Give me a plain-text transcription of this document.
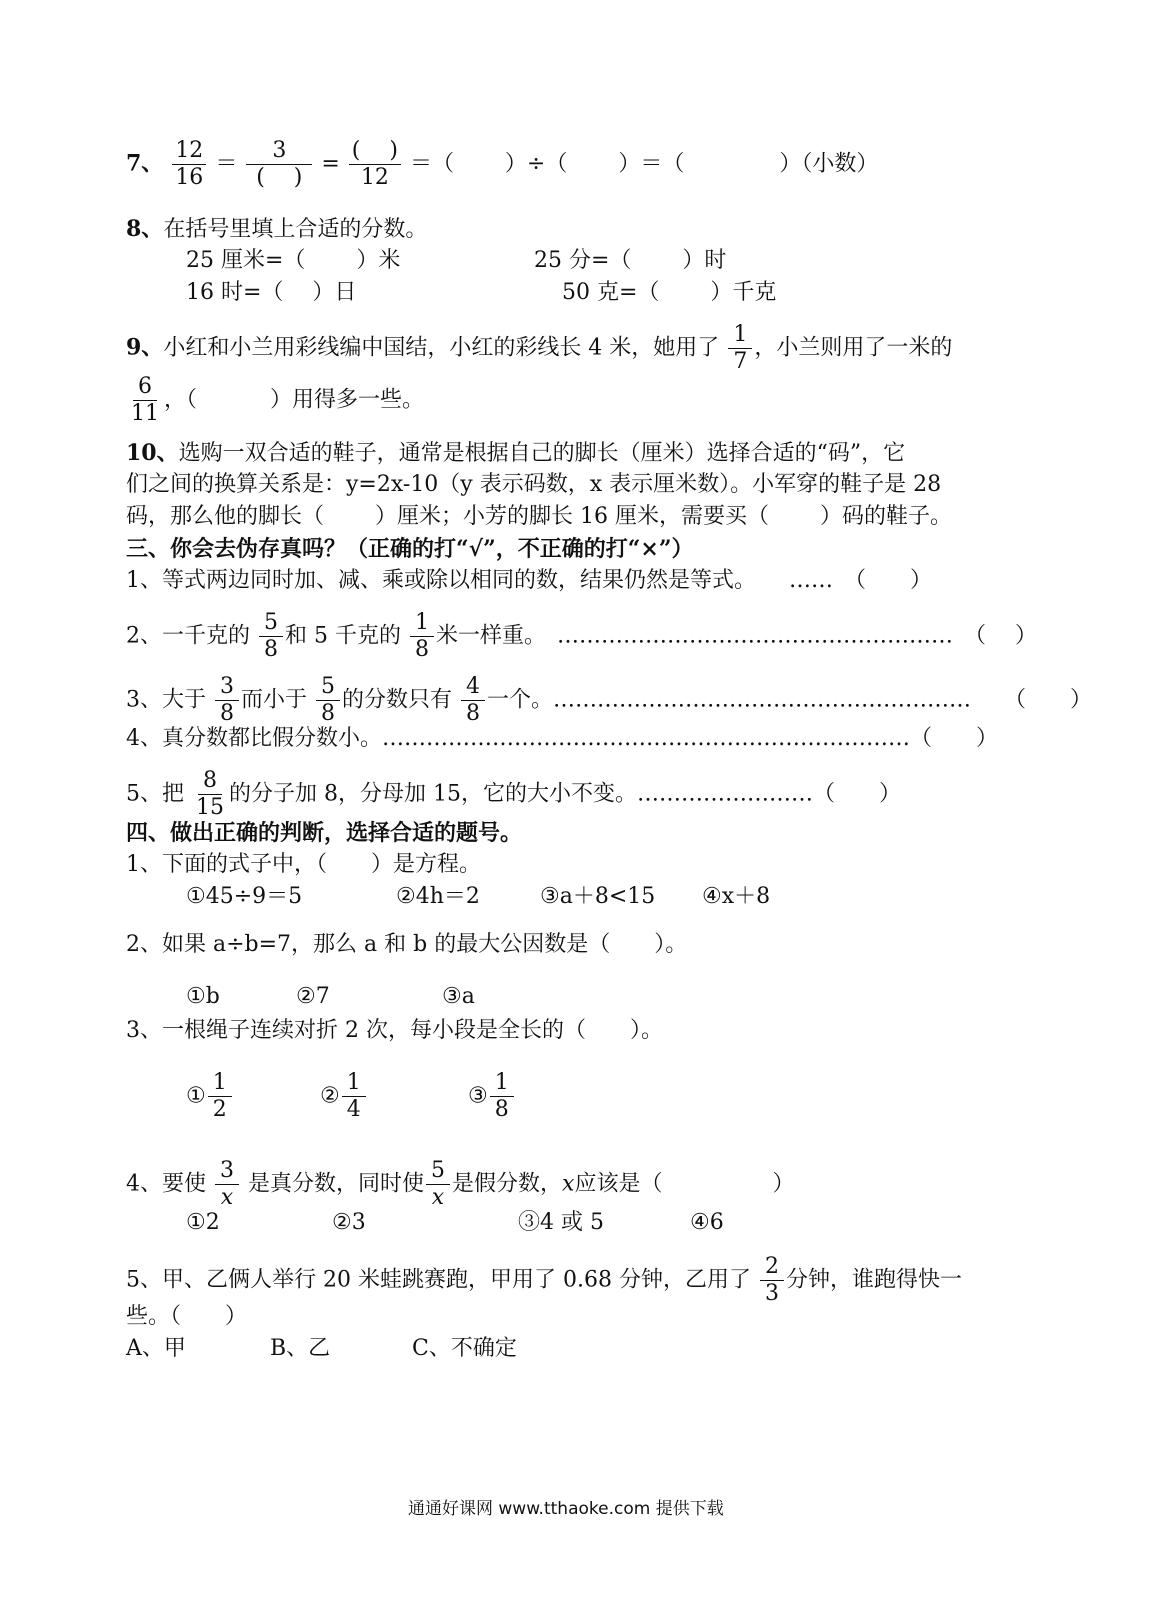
7、 $\frac{12}{16} = \frac{3}{( )} = \frac{( )}{12}$ ＝（　　 ）÷（　　 ）＝（　　　　 ）（小数）
8、在括号里填上合适的分数。
25 厘米=（　　 ）米	25 分=（　　 ）时
16 时=（　 ）日	50 克=（　　 ）千克
9、小红和小兰用彩线编中国结，小红的彩线长 4 米，她用了 $\frac{1}{7}$ ，小兰则用了一米的
$\frac{6}{11}$ ，（　　　 ）用得多一些。
10、选购一双合适的鞋子，通常是根据自己的脚长（厘米）选择合适的“码”，它
们之间的换算关系是：y=2x-10（y 表示码数，x 表示厘米数）。小军穿的鞋子是 28
码，那么他的脚长（　　 ）厘米；小芳的脚长 16 厘米，需要买（　　 ）码的鞋子。
三、你会去伪存真吗？（正确的打“√”，不正确的打“×”）
1、等式两边同时加、减、乘或除以相同的数，结果仍然是等式。　　……　（　　）
2、一千克的 $\frac{5}{8}$ 和 5 千克的 $\frac{1}{8}$ 米一样重。　………………………………………………　（　 ）
3、大于 $\frac{3}{8}$ 而小于 $\frac{5}{8}$ 的分数只有 $\frac{4}{8}$ 一个。…………………………………………………　　（　　）
4、真分数都比假分数小。………………………………………………………………（　　）
5、把 $\frac{8}{15}$ 的分子加 8，分母加 15，它的大小不变。……………………（　　）
四、做出正确的判断，选择合适的题号。
1、下面的式子中，（　　）是方程。
①45÷9＝5	②4h＝2	③a＋8<15 ④x＋8
2、如果 a÷b=7，那么 a 和 b 的最大公因数是（　　）。
①b	②7	③a
3、一根绳子连续对折 2 次，每小段是全长的（　　）。
① $\frac{1}{2}$	② $\frac{1}{4}$	③ $\frac{1}{8}$
4、要使 $\frac{3}{x}$ 是真分数，同时使 $\frac{5}{x}$ 是假分数，x应该是（　　　　　）
①2	②3	③4 或 5	④6
5、甲、乙俩人举行 20 米蛙跳赛跑，甲用了 0.68 分钟，乙用了 $\frac{2}{3}$ 分钟，谁跑得快一
些。（　　）
A、甲	B、乙	C、不确定
通通好课网 www.tthaoke.com 提供下载
